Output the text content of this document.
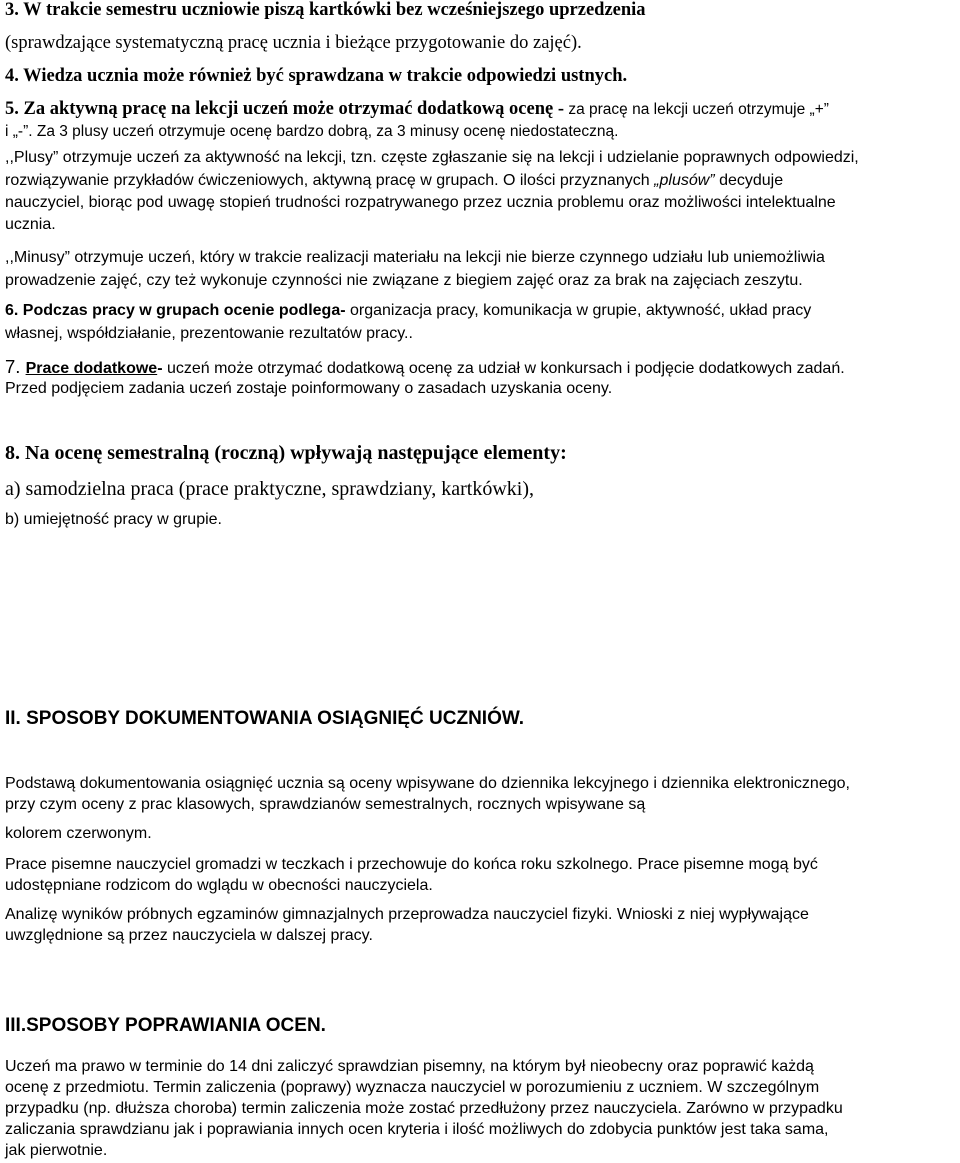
3. W trakcie semestru uczniowie piszą kartkówki bez wcześniejszego uprzedzenia
(sprawdzające systematyczną pracę ucznia i bieżące przygotowanie do zajęć).
4. Wiedza ucznia może również być sprawdzana w trakcie odpowiedzi ustnych.
5. Za aktywną pracę na lekcji uczeń może otrzymać dodatkową ocenę - za pracę na lekcji uczeń otrzymuje „+”
i „-”. Za 3 plusy uczeń otrzymuje ocenę bardzo dobrą, za 3 minusy ocenę niedostateczną.
,,Plusy” otrzymuje uczeń za aktywność na lekcji, tzn. częste zgłaszanie się na lekcji i udzielanie poprawnych odpowiedzi,
rozwiązywanie przykładów ćwiczeniowych, aktywną pracę w grupach. O ilości przyznanych „plusów” decyduje
nauczyciel, biorąc pod uwagę stopień trudności rozpatrywanego przez ucznia problemu oraz możliwości intelektualne
ucznia.
,,Minusy” otrzymuje uczeń, który w trakcie realizacji materiału na lekcji nie bierze czynnego udziału lub uniemożliwia
prowadzenie zajęć, czy też wykonuje czynności nie związane z biegiem zajęć oraz za brak na zajęciach zeszytu.
6. Podczas pracy w grupach ocenie podlega- organizacja pracy, komunikacja w grupie, aktywność, układ pracy
własnej, współdziałanie, prezentowanie rezultatów pracy..
7. Prace dodatkowe- uczeń może otrzymać dodatkową ocenę za udział w konkursach i podjęcie dodatkowych zadań.
Przed podjęciem zadania uczeń zostaje poinformowany o zasadach uzyskania oceny.
8. Na ocenę semestralną (roczną) wpływają następujące elementy:
a) samodzielna praca (prace praktyczne, sprawdziany, kartkówki),
b) umiejętność pracy w grupie.
II. SPOSOBY DOKUMENTOWANIA OSIĄGNIĘĆ UCZNIÓW.
Podstawą dokumentowania osiągnięć ucznia są oceny wpisywane do dziennika lekcyjnego i dziennika elektronicznego,
przy czym oceny z prac klasowych, sprawdzianów semestralnych, rocznych wpisywane są
kolorem czerwonym.
Prace pisemne nauczyciel gromadzi w teczkach i przechowuje do końca roku szkolnego. Prace pisemne mogą być
udostępniane rodzicom do wglądu w obecności nauczyciela.
Analizę wyników próbnych egzaminów gimnazjalnych przeprowadza nauczyciel fizyki. Wnioski z niej wypływające
uwzględnione są przez nauczyciela w dalszej pracy.
III.SPOSOBY POPRAWIANIA OCEN.
Uczeń ma prawo w terminie do 14 dni zaliczyć sprawdzian pisemny, na którym był nieobecny oraz poprawić każdą
ocenę z przedmiotu. Termin zaliczenia (poprawy) wyznacza nauczyciel w porozumieniu z uczniem. W szczególnym
przypadku (np. dłuższa choroba) termin zaliczenia może zostać przedłużony przez nauczyciela. Zarówno w przypadku
zaliczania sprawdzianu jak i poprawiania innych ocen kryteria i ilość możliwych do zdobycia punktów jest taka sama,
jak pierwotnie.
